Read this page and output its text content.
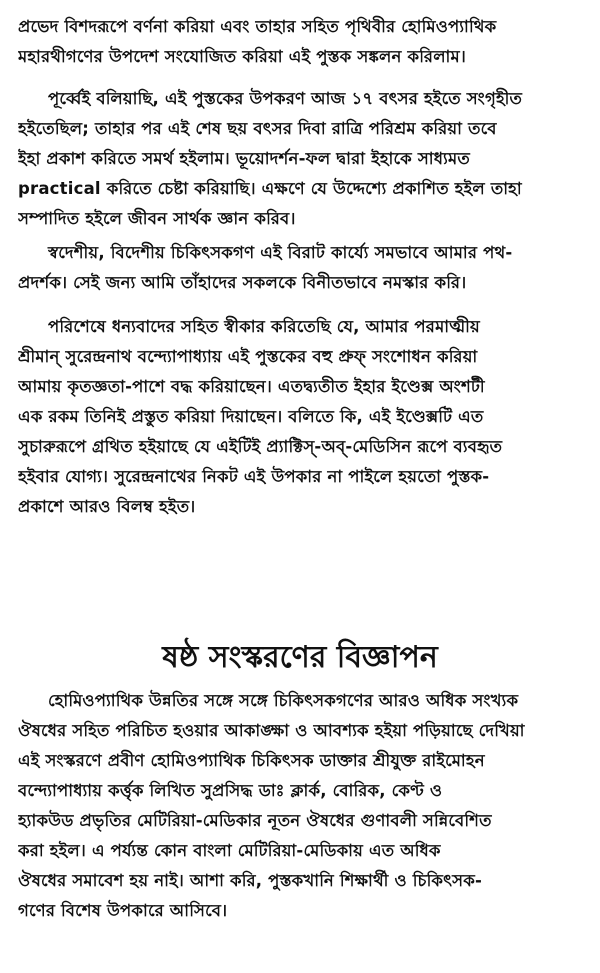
প্রভেদ বিশদরূপে বর্ণনা করিয়া এবং তাহার সহিত পৃথিবীর হোমিওপ্যাথিক
মহারথীগণের উপদেশ সংযোজিত করিয়া এই পুস্তক সঙ্কলন করিলাম।
পূর্ব্বেই বলিয়াছি, এই পুস্তকের উপকরণ আজ ১৭ বৎসর হইতে সংগৃহীত
হইতেছিল; তাহার পর এই শেষ ছয় বৎসর দিবা রাত্রি পরিশ্রম করিয়া তবে
ইহা প্রকাশ করিতে সমর্থ হইলাম। ভূয়োদর্শন-ফল দ্বারা ইহাকে সাধ্যমত
practical করিতে চেষ্টা করিয়াছি। এক্ষণে যে উদ্দেশ্যে প্রকাশিত হইল তাহা
সম্পাদিত হইলে জীবন সার্থক জ্ঞান করিব।
স্বদেশীয়, বিদেশীয় চিকিৎসকগণ এই বিরাট কার্য্যে সমভাবে আমার পথ-
প্রদর্শক। সেই জন্য আমি তাঁহাদের সকলকে বিনীতভাবে নমস্কার করি।
পরিশেষে ধন্যবাদের সহিত স্বীকার করিতেছি যে, আমার পরমাত্মীয়
শ্রীমান্ সুরেন্দ্রনাথ বন্দ্যোপাধ্যায় এই পুস্তকের বহু প্রুফ্ সংশোধন করিয়া
আমায় কৃতজ্ঞতা-পাশে বদ্ধ করিয়াছেন। এতদ্ব্যতীত ইহার ইণ্ডেক্স অংশটী
এক রকম তিনিই প্রস্তুত করিয়া দিয়াছেন। বলিতে কি, এই ইণ্ডেক্সটি এত
সুচারুরূপে গ্রথিত হইয়াছে যে এইটিই প্র্যাক্টিস্-অব্-মেডিসিন রূপে ব্যবহৃত
হইবার যোগ্য। সুরেন্দ্রনাথের নিকট এই উপকার না পাইলে হয়তো পুস্তক-
প্রকাশে আরও বিলম্ব হইত।
ষষ্ঠ সংস্করণের বিজ্ঞাপন
হোমিওপ্যাথিক উন্নতির সঙ্গে সঙ্গে চিকিৎসকগণের আরও অধিক সংখ্যক
ঔষধের সহিত পরিচিত হওয়ার আকাঙ্ক্ষা ও আবশ্যক হইয়া পড়িয়াছে দেখিয়া
এই সংস্করণে প্রবীণ হোমিওপ্যাথিক চিকিৎসক ডাক্তার শ্রীযুক্ত রাইমোহন
বন্দ্যোপাধ্যায় কর্ত্তৃক লিখিত সুপ্রসিদ্ধ ডাঃ ক্লার্ক, বোরিক, কেণ্ট ও
হ্যাকউড প্রভৃতির মেটিরিয়া-মেডিকার নূতন ঔষধের গুণাবলী সন্নিবেশিত
করা হইল। এ পর্য্যন্ত কোন বাংলা মেটিরিয়া-মেডিকায় এত অধিক
ঔষধের সমাবেশ হয় নাই। আশা করি, পুস্তকখানি শিক্ষার্থী ও চিকিৎসক-
গণের বিশেষ উপকারে আসিবে।
